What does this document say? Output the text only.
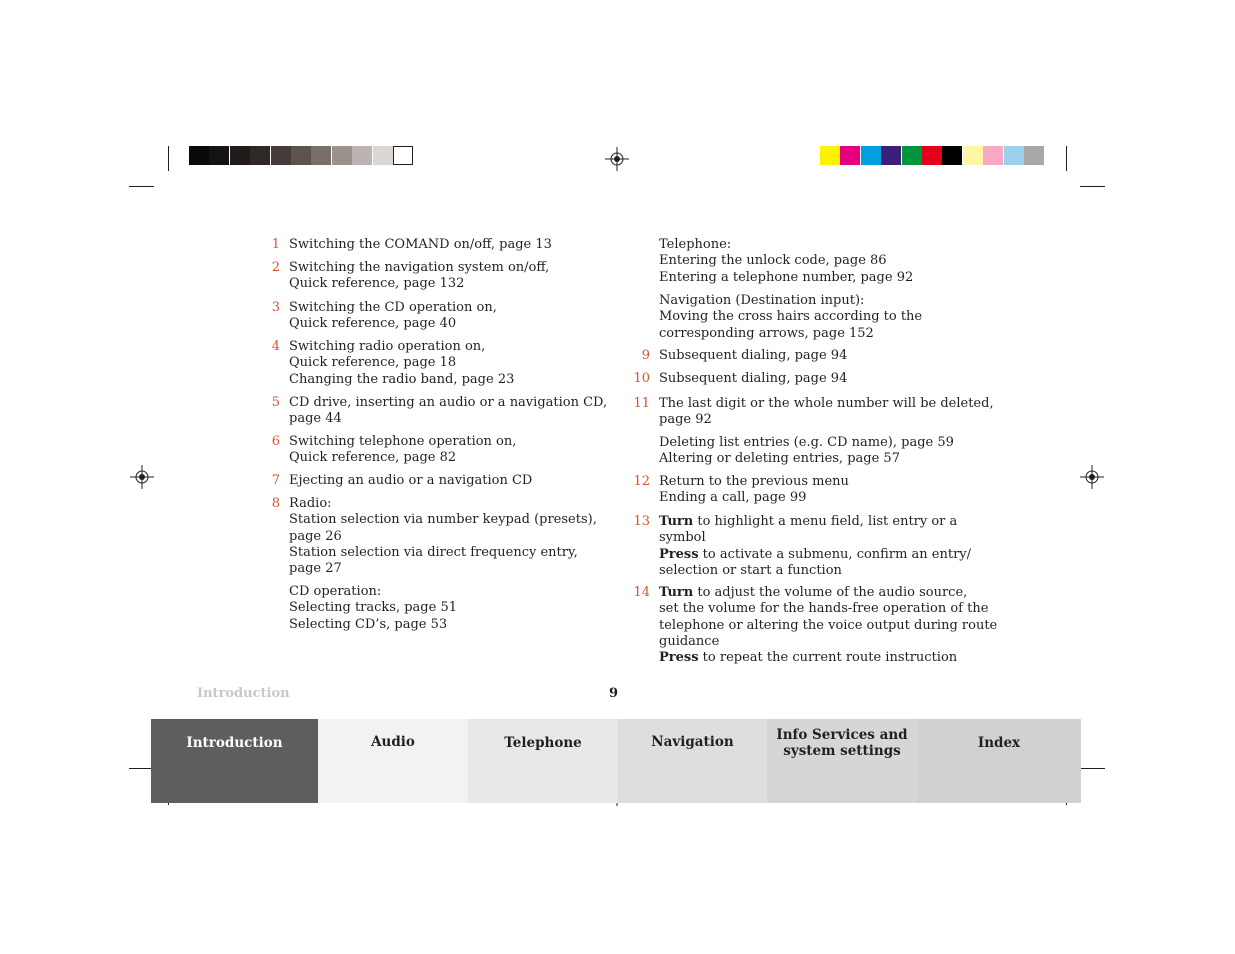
1 Switching the COMAND on/off, page 13
2 Switching the navigation system on/off,
Quick reference, page 132
3 Switching the CD operation on,
Quick reference, page 40
4 Switching radio operation on,
Quick reference, page 18
Changing the radio band, page 23
5 CD drive, inserting an audio or a navigation CD,
page 44
6 Switching telephone operation on,
Quick reference, page 82
7 Ejecting an audio or a navigation CD
8 Radio:
Station selection via number keypad (presets),
page 26
Station selection via direct frequency entry,
page 27
CD operation:
Selecting tracks, page 51
Selecting CD’s, page 53
Telephone:
Entering the unlock code, page 86
Entering a telephone number, page 92
Navigation (Destination input):
Moving the cross hairs according to the
corresponding arrows, page 152
9 Subsequent dialing, page 94
10 Subsequent dialing, page 94
11 The last digit or the whole number will be deleted,
page 92
Deleting list entries (e.g. CD name), page 59
Altering or deleting entries, page 57
12 Return to the previous menu
Ending a call, page 99
13 Turn to highlight a menu field, list entry or a
symbol
Press to activate a submenu, confirm an entry/
selection or start a function
14 Turn to adjust the volume of the audio source,
set the volume for the hands-free operation of the
telephone or altering the voice output during route
guidance
Press to repeat the current route instruction
Introduction	9
Introduction	Audio	Telephone	Navigation	Info Services and
system settings	Index
